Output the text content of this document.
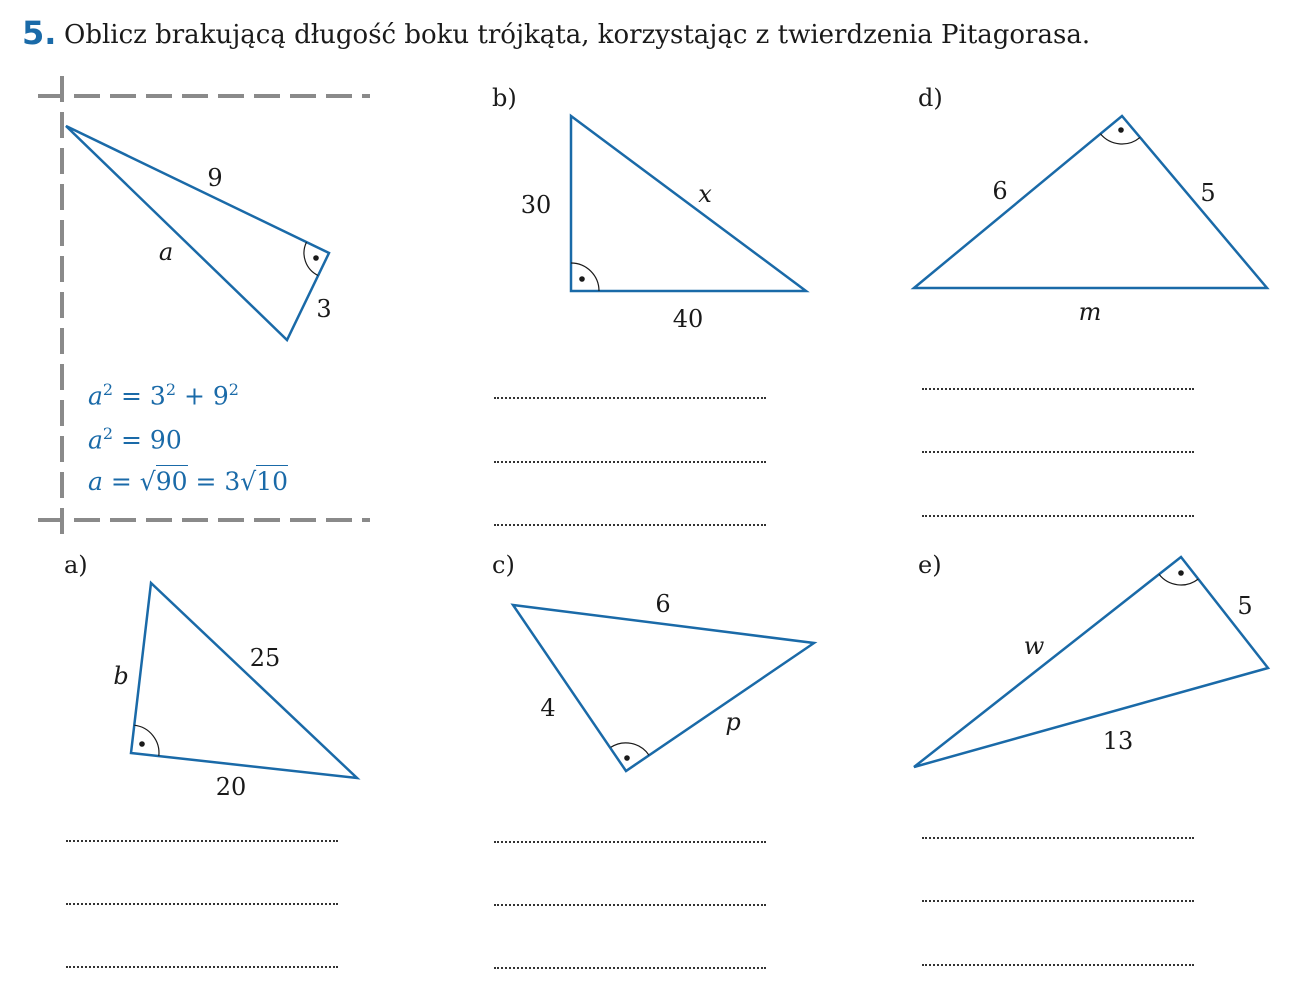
5. Oblicz brakującą długość boku trójkąta, korzystając z twierdzenia Pitagorasa.
9
a
3
b)
30	x
40
d)
6	5
m
a)
b
25
20
c)
6
4	p
e)
w
5
13
$a^2 = 3^2 + 9^2$
$a^2 = 90$
a = √90 = 3√10
